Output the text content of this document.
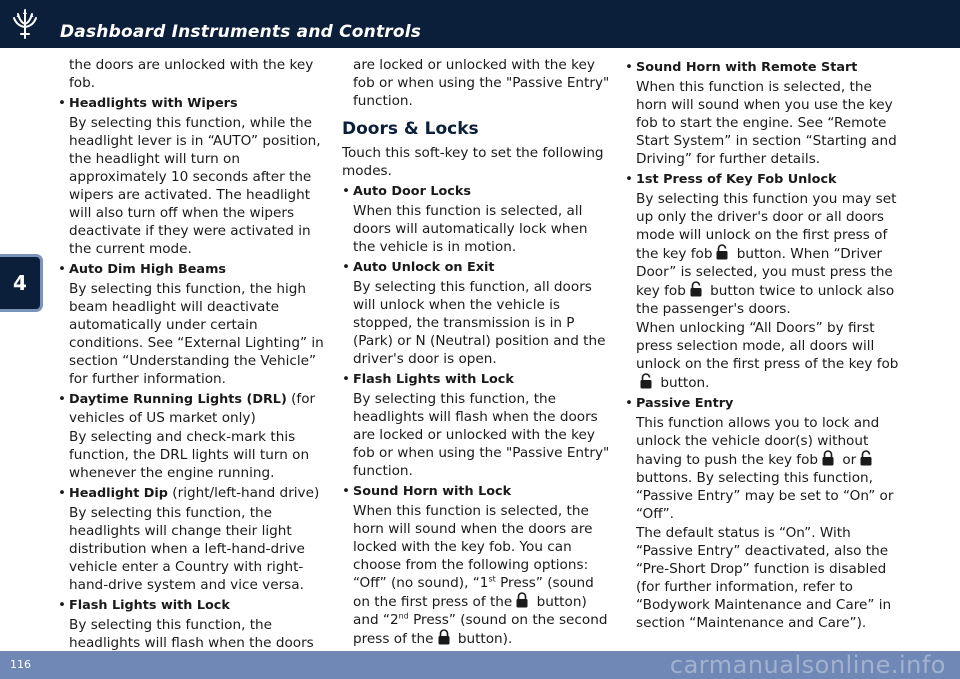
Dashboard Instruments and Controls
4

the doors are unlocked with the key fob.

• Headlights with Wipers
By selecting this function, while the headlight lever is in “AUTO” position, the headlight will turn on approximately 10 seconds after the wipers are activated. The headlight will also turn off when the wipers deactivate if they were activated in the current mode.
• Auto Dim High Beams
By selecting this function, the high beam headlight will deactivate automatically under certain conditions. See “External Lighting” in section “Understanding the Vehicle” for further information.
• Daytime Running Lights (DRL) (for vehicles of US market only)
By selecting and check-mark this function, the DRL lights will turn on whenever the engine running.
• Headlight Dip (right/left-hand drive)
By selecting this function, the headlights will change their light distribution when a left-hand-drive vehicle enter a Country with right-hand-drive system and vice versa.
• Flash Lights with Lock
By selecting this function, the headlights will flash when the doors

are locked or unlocked with the key fob or when using the "Passive Entry" function.

Doors & Locks

Touch this soft-key to set the following modes.

• Auto Door Locks
When this function is selected, all doors will automatically lock when the vehicle is in motion.
• Auto Unlock on Exit
By selecting this function, all doors will unlock when the vehicle is stopped, the transmission is in P (Park) or N (Neutral) position and the driver's door is open.
• Flash Lights with Lock
By selecting this function, the headlights will flash when the doors are locked or unlocked with the key fob or when using the "Passive Entry" function.
• Sound Horn with Lock
When this function is selected, the horn will sound when the doors are locked with the key fob. You can choose from the following options: “Off” (no sound), “1st Press” (sound on the first press of the button) and “2nd Press” (sound on the second press of the button).
• Sound Horn with Remote Start
When this function is selected, the horn will sound when you use the key fob to start the engine. See “Remote Start System” in section “Starting and Driving” for further details.
• 1st Press of Key Fob Unlock
By selecting this function you may set up only the driver's door or all doors mode will unlock on the first press of the key fob button. When “Driver Door” is selected, you must press the key fob button twice to unlock also the passenger's doors.
When unlocking “All Doors” by first press selection mode, all doors will unlock on the first press of the key fob button.
• Passive Entry
This function allows you to lock and unlock the vehicle door(s) without having to push the key fob or buttons. By selecting this function, “Passive Entry” may be set to “On” or “Off”.
The default status is “On”. With “Passive Entry” deactivated, also the “Pre-Short Drop” function is disabled (for further information, refer to “Bodywork Maintenance and Care” in section “Maintenance and Care”).
116	carmanualsonline.info
